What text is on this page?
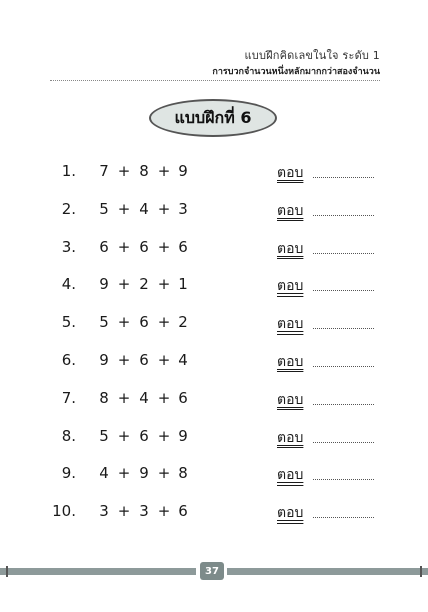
แบบฝึกคิดเลขในใจ ระดับ 1
การบวกจำนวนหนึ่งหลักมากกว่าสองจำนวน
แบบฝึกที่ 6
1. 7 + 8 + 9	ตอบ
2. 5 + 4 + 3	ตอบ
3. 6 + 6 + 6	ตอบ
4. 9 + 2 + 1	ตอบ
5. 5 + 6 + 2	ตอบ
6. 9 + 6 + 4	ตอบ
7. 8 + 4 + 6	ตอบ
8. 5 + 6 + 9	ตอบ
9. 4 + 9 + 8	ตอบ
10. 3 + 3 + 6	ตอบ
37
